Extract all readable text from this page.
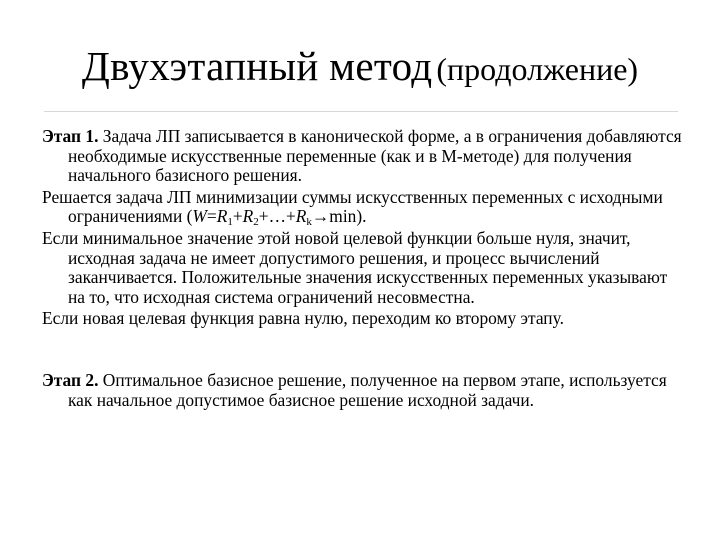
Двухэтапный метод (продолжение)

Этап 1. Задача ЛП записывается в канонической форме, а в ограничения добавляются необходимые искусственные переменные (как и в М-методе) для получения начального базисного решения.

Решается задача ЛП минимизации суммы искусственных переменных с исходными ограничениями $(W=R_1+R_2+\dots+R_k\to\min)$.

Если минимальное значение этой новой целевой функции больше нуля, значит, исходная задача не имеет допустимого решения, и процесс вычислений заканчивается. Положительные значения искусственных переменных указывают на то, что исходная система ограничений несовместна.

Если новая целевая функция равна нулю, переходим ко второму этапу.

Этап 2. Оптимальное базисное решение, полученное на первом этапе, используется как начальное допустимое базисное решение исходной задачи.
